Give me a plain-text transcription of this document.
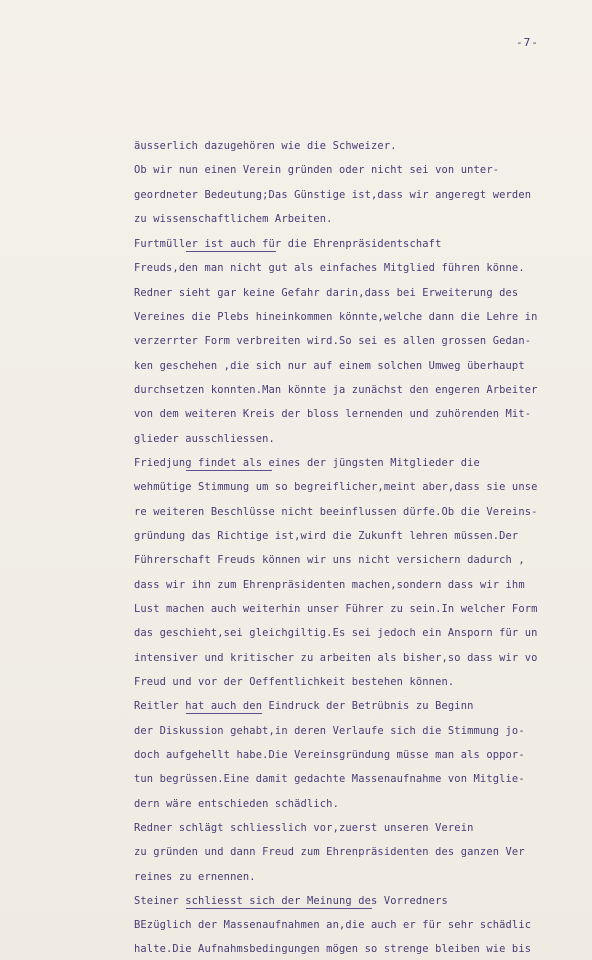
-7-
äusserlich dazugehören wie die Schweizer.
Ob wir nun einen Verein gründen oder nicht sei von unter-
geordneter Bedeutung;Das Günstige ist,dass wir angeregt werden
zu wissenschaftlichem Arbeiten.
Furtmüller ist auch für die Ehrenpräsidentschaft
Freuds,den man nicht gut als einfaches Mitglied führen könne.
Redner sieht gar keine Gefahr darin,dass bei Erweiterung des
Vereines die Plebs hineinkommen könnte,welche dann die Lehre in
verzerrter Form verbreiten wird.So sei es allen grossen Gedan-
ken geschehen ,die sich nur auf einem solchen Umweg überhaupt
durchsetzen konnten.Man könnte ja zunächst den engeren Arbeiter
von dem weiteren Kreis der bloss lernenden und zuhörenden Mit-
glieder ausschliessen.
Friedjung findet als eines der jüngsten Mitglieder die
wehmütige Stimmung um so begreiflicher,meint aber,dass sie unse
re weiteren Beschlüsse nicht beeinflussen dürfe.Ob die Vereins-
gründung das Richtige ist,wird die Zukunft lehren müssen.Der
Führerschaft Freuds können wir uns nicht versichern dadurch ,
dass wir ihn zum Ehrenpräsidenten machen,sondern dass wir ihm
Lust machen auch weiterhin unser Führer zu sein.In welcher Form
das geschieht,sei gleichgiltig.Es sei jedoch ein Ansporn für un
intensiver und kritischer zu arbeiten als bisher,so dass wir vo
Freud und vor der Oeffentlichkeit bestehen können.
Reitler hat auch den Eindruck der Betrübnis zu Beginn
der Diskussion gehabt,in deren Verlaufe sich die Stimmung jo-
doch aufgehellt habe.Die Vereinsgründung müsse man als oppor-
tun begrüssen.Eine damit gedachte Massenaufnahme von Mitglie-
dern wäre entschieden schädlich.
Redner schlägt schliesslich vor,zuerst unseren Verein
zu gründen und dann Freud zum Ehrenpräsidenten des ganzen Ver
reines zu ernennen.
Steiner schliesst sich der Meinung des Vorredners
BEzüglich der Massenaufnahmen an,die auch er für sehr schädlic
halte.Die Aufnahmsbedingungen mögen so strenge bleiben wie bis
